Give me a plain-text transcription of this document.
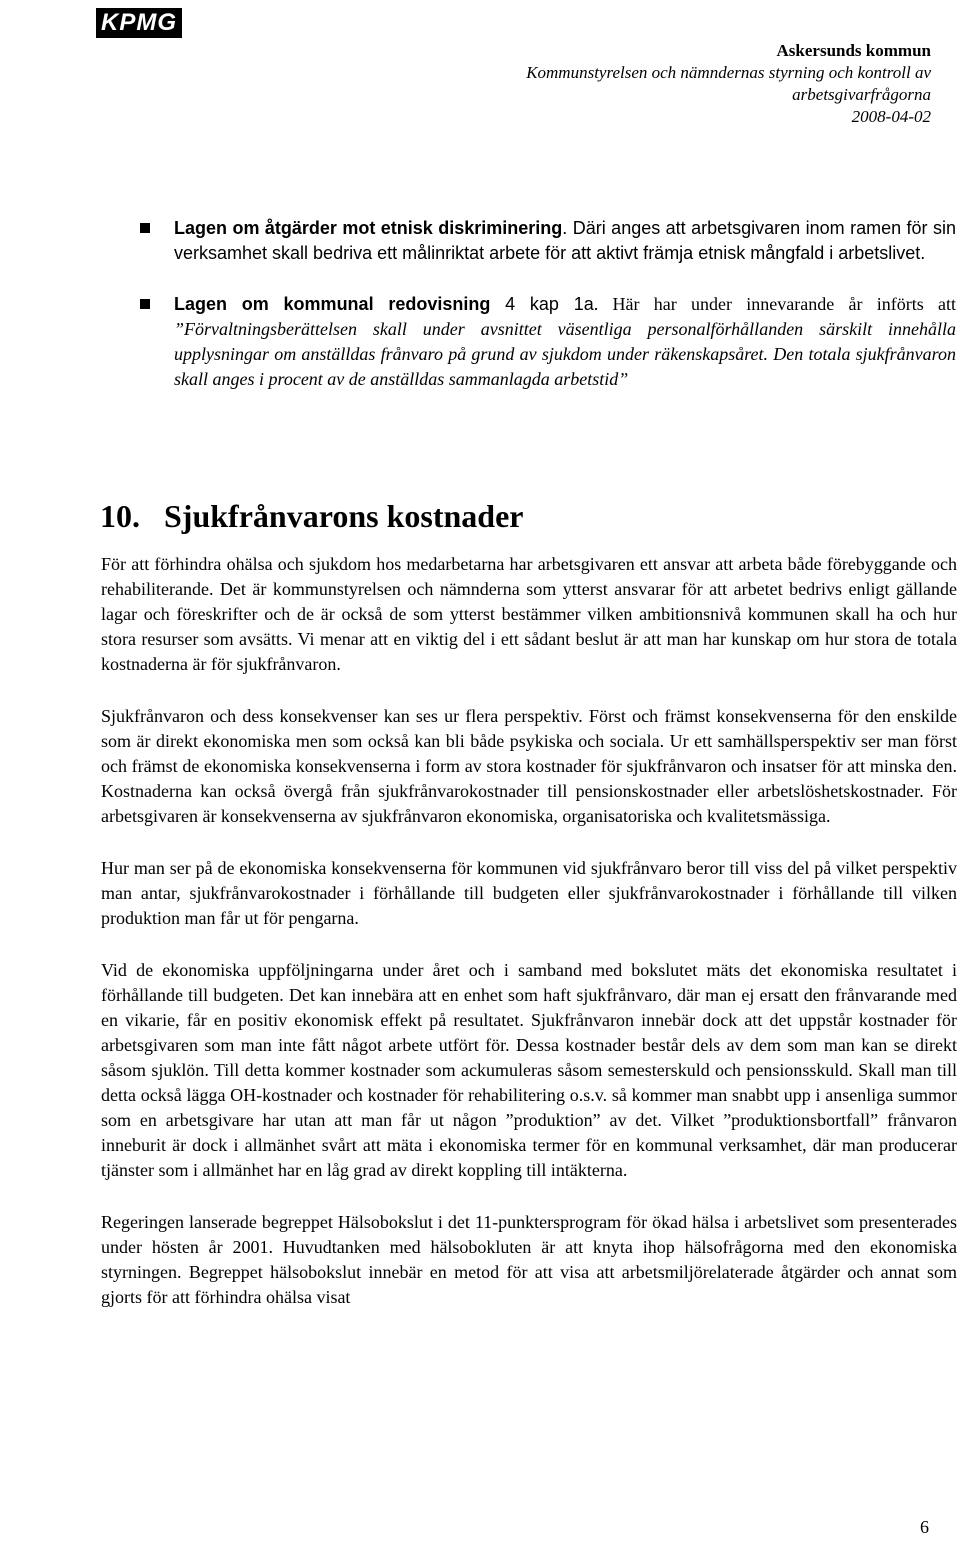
KPMG
Askersunds kommun
Kommunstyrelsen och nämndernas styrning och kontroll av arbetsgivarfrågorna
2008-04-02
Lagen om åtgärder mot etnisk diskriminering. Däri anges att arbetsgivaren inom ramen för sin verksamhet skall bedriva ett målinriktat arbete för att aktivt främja etnisk mångfald i arbetslivet.
Lagen om kommunal redovisning 4 kap 1a. Här har under innevarande år införts att ”Förvaltningsberättelsen skall under avsnittet väsentliga personalförhållanden särskilt innehålla upplysningar om anställdas frånvaro på grund av sjukdom under räkenskapsåret. Den totala sjukfrånvaron skall anges i procent av de anställdas sammanlagda arbetstid”
10. Sjukfrånvarons kostnader

För att förhindra ohälsa och sjukdom hos medarbetarna har arbetsgivaren ett ansvar att arbeta både förebyggande och rehabiliterande. Det är kommunstyrelsen och nämnderna som ytterst ansvarar för att arbetet bedrivs enligt gällande lagar och föreskrifter och de är också de som ytterst bestämmer vilken ambitionsnivå kommunen skall ha och hur stora resurser som avsätts. Vi menar att en viktig del i ett sådant beslut är att man har kunskap om hur stora de totala kostnaderna är för sjukfrånvaron.

Sjukfrånvaron och dess konsekvenser kan ses ur flera perspektiv. Först och främst konsekvenserna för den enskilde som är direkt ekonomiska men som också kan bli både psykiska och sociala. Ur ett samhällsperspektiv ser man först och främst de ekonomiska konsekvenserna i form av stora kostnader för sjukfrånvaron och insatser för att minska den. Kostnaderna kan också övergå från sjukfrånvarokostnader till pensionskostnader eller arbetslöshetskostnader. För arbetsgivaren är konsekvenserna av sjukfrånvaron ekonomiska, organisatoriska och kvalitetsmässiga.

Hur man ser på de ekonomiska konsekvenserna för kommunen vid sjukfrånvaro beror till viss del på vilket perspektiv man antar, sjukfrånvarokostnader i förhållande till budgeten eller sjukfrånvarokostnader i förhållande till vilken produktion man får ut för pengarna.

Vid de ekonomiska uppföljningarna under året och i samband med bokslutet mäts det ekonomiska resultatet i förhållande till budgeten. Det kan innebära att en enhet som haft sjukfrånvaro, där man ej ersatt den frånvarande med en vikarie, får en positiv ekonomisk effekt på resultatet. Sjukfrånvaron innebär dock att det uppstår kostnader för arbetsgivaren som man inte fått något arbete utfört för. Dessa kostnader består dels av dem som man kan se direkt såsom sjuklön. Till detta kommer kostnader som ackumuleras såsom semesterskuld och pensionsskuld. Skall man till detta också lägga OH-kostnader och kostnader för rehabilitering o.s.v. så kommer man snabbt upp i ansenliga summor som en arbetsgivare har utan att man får ut någon ”produktion” av det. Vilket ”produktionsbortfall” frånvaron inneburit är dock i allmänhet svårt att mäta i ekonomiska termer för en kommunal verksamhet, där man producerar tjänster som i allmänhet har en låg grad av direkt koppling till intäkterna.

Regeringen lanserade begreppet Hälsobokslut i det 11-punktersprogram för ökad hälsa i arbetslivet som presenterades under hösten år 2001. Huvudtanken med hälsobokluten är att knyta ihop hälsofrågorna med den ekonomiska styrningen. Begreppet hälsobokslut innebär en metod för att visa att arbetsmiljörelaterade åtgärder och annat som gjorts för att förhindra ohälsa visat

6
